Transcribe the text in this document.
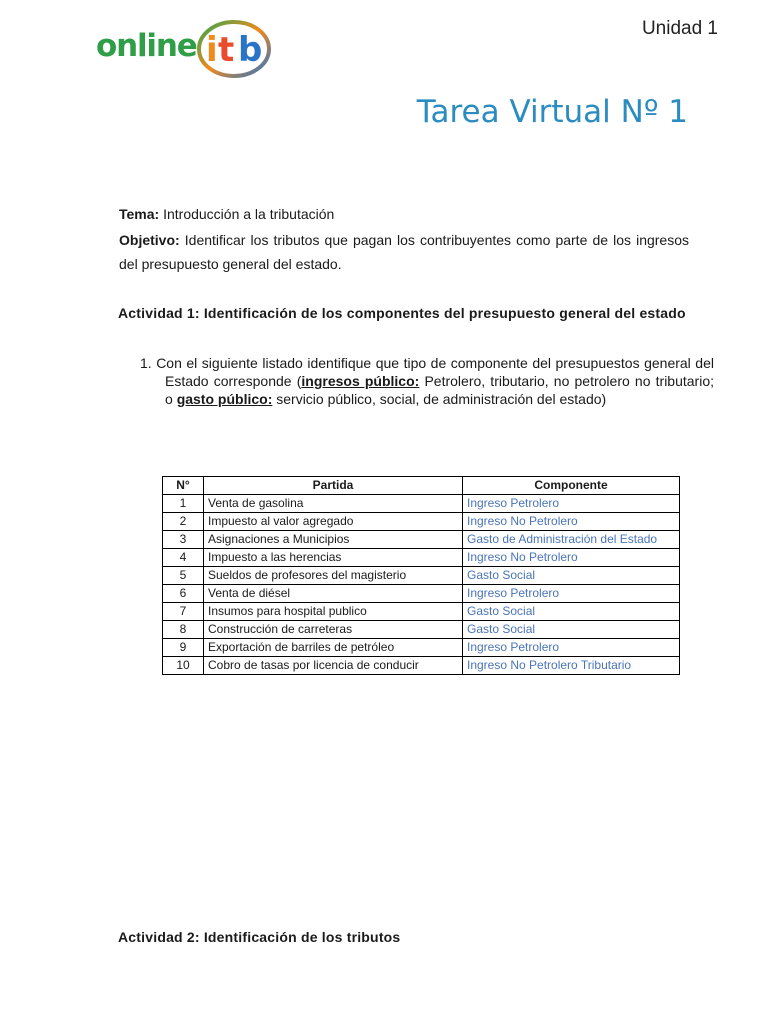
online i t b
Unidad 1
Tarea Virtual Nº 1

Tema: Introducción a la tributación

Objetivo: Identificar los tributos que pagan los contribuyentes como parte de los ingresos del presupuesto general del estado.

Actividad 1: Identificación de los componentes del presupuesto general del estado
1. Con el siguiente listado identifique que tipo de componente del presupuestos general del Estado corresponde (ingresos público: Petrolero, tributario, no petrolero no tributario; o gasto público: servicio público, social, de administración del estado)
N°	Partida	Componente
1	Venta de gasolina	Ingreso Petrolero
2	Impuesto al valor agregado	Ingreso No Petrolero
3	Asignaciones a Municipios	Gasto de Administración del Estado
4	Impuesto a las herencias	Ingreso No Petrolero
5	Sueldos de profesores del magisterio	Gasto Social
6	Venta de diésel	Ingreso Petrolero
7	Insumos para hospital publico	Gasto Social
8	Construcción de carreteras	Gasto Social
9	Exportación de barriles de petróleo	Ingreso Petrolero
10	Cobro de tasas por licencia de conducir	Ingreso No Petrolero Tributario
Actividad 2: Identificación de los tributos
